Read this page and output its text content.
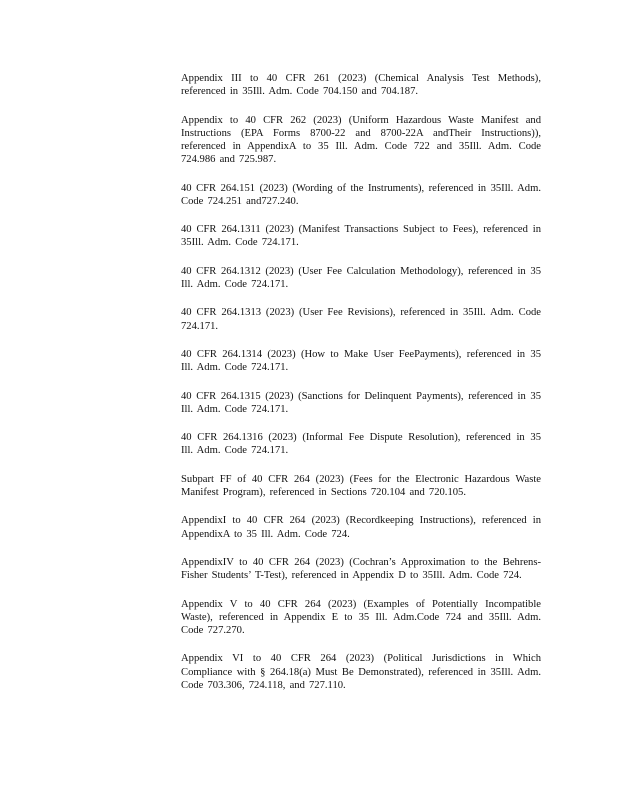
Appendix III to 40 CFR 261 (2023) (Chemical Analysis Test Methods), referenced in 35Ill. Adm. Code 704.150 and 704.187.

Appendix to 40 CFR 262 (2023) (Uniform Hazardous Waste Manifest and Instructions (EPA Forms 8700-22 and 8700-22A andTheir Instructions)), referenced in AppendixA to 35 Ill. Adm. Code 722 and 35Ill. Adm. Code 724.986 and 725.987.

40 CFR 264.151 (2023) (Wording of the Instruments), referenced in 35Ill. Adm. Code 724.251 and727.240.

40 CFR 264.1311 (2023) (Manifest Transactions Subject to Fees), referenced in 35Ill. Adm. Code 724.171.

40 CFR 264.1312 (2023) (User Fee Calculation Methodology), referenced in 35 Ill. Adm. Code 724.171.

40 CFR 264.1313 (2023) (User Fee Revisions), referenced in 35Ill. Adm. Code 724.171.

40 CFR 264.1314 (2023) (How to Make User FeePayments), referenced in 35 Ill. Adm. Code 724.171.

40 CFR 264.1315 (2023) (Sanctions for Delinquent Payments), referenced in 35 Ill. Adm. Code 724.171.

40 CFR 264.1316 (2023) (Informal Fee Dispute Resolution), referenced in 35 Ill. Adm. Code 724.171.

Subpart FF of 40 CFR 264 (2023) (Fees for the Electronic Hazardous Waste Manifest Program), referenced in Sections 720.104 and 720.105.

AppendixI to 40 CFR 264 (2023) (Recordkeeping Instructions), referenced in AppendixA to 35 Ill. Adm. Code 724.

AppendixIV to 40 CFR 264 (2023) (Cochran’s Approximation to the Behrens-Fisher Students’ T-Test), referenced in Appendix D to 35Ill. Adm. Code 724.

Appendix V to 40 CFR 264 (2023) (Examples of Potentially Incompatible Waste), referenced in Appendix E to 35 Ill. Adm.Code 724 and 35Ill. Adm. Code 727.270.

Appendix VI to 40 CFR 264 (2023) (Political Jurisdictions in Which Compliance with § 264.18(a) Must Be Demonstrated), referenced in 35Ill. Adm. Code 703.306, 724.118, and 727.110.
